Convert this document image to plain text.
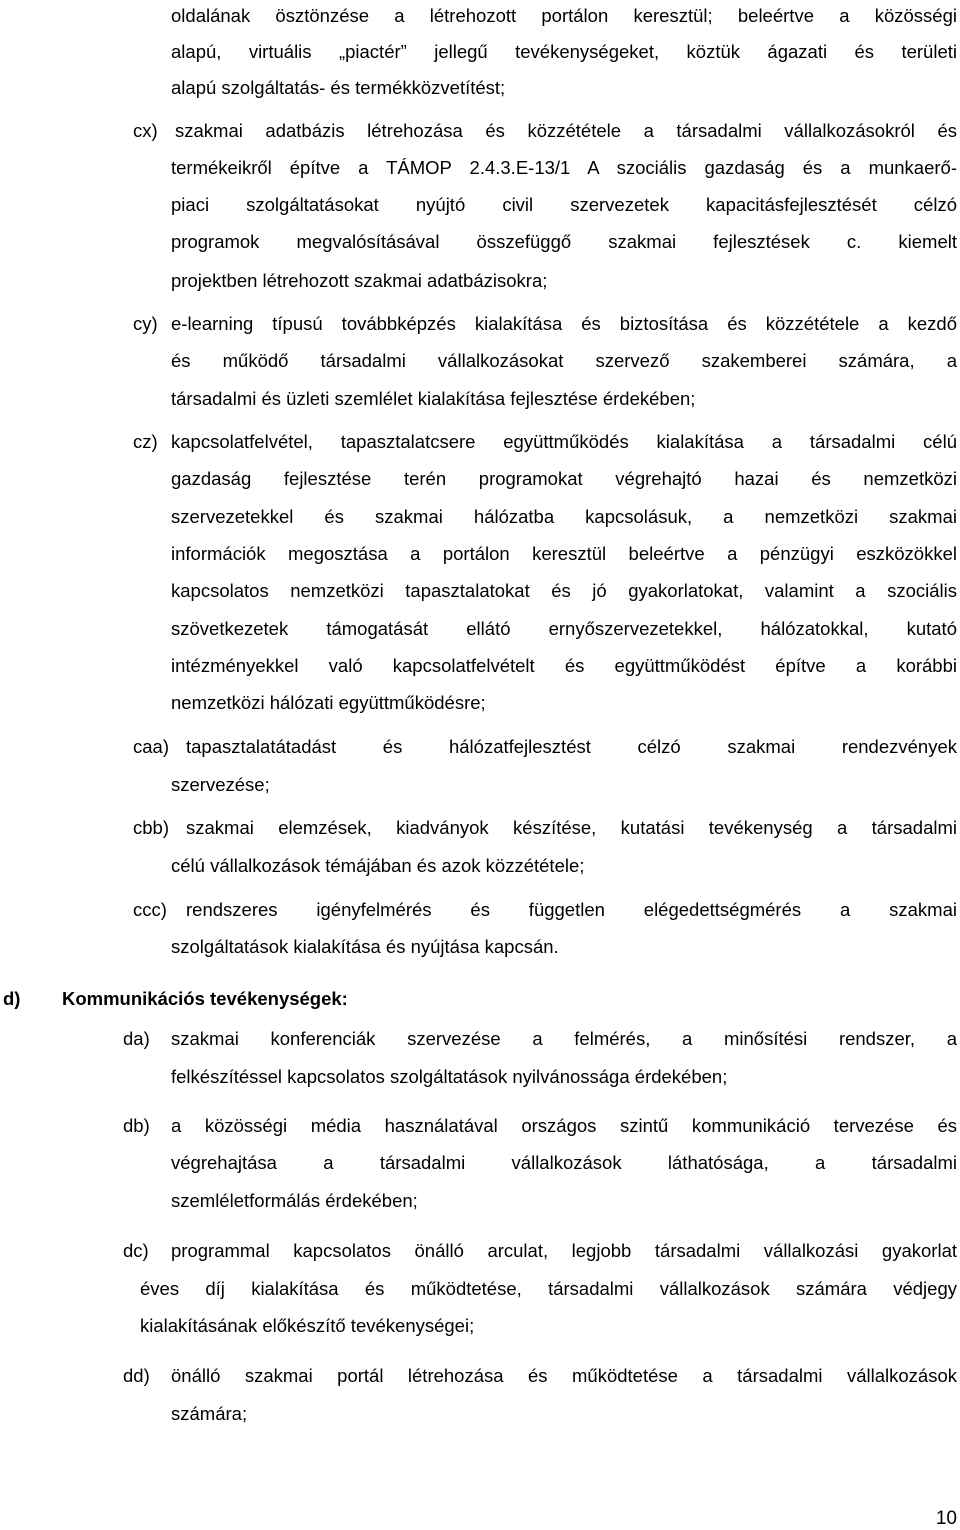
oldalának ösztönzése a létrehozott portálon keresztül; beleértve a közösségi
alapú, virtuális „piactér” jellegű tevékenységeket, köztük ágazati és területi
alapú szolgáltatás- és termékközvetítést;
cx) szakmai adatbázis létrehozása és közzététele a társadalmi vállalkozásokról és
termékeikről építve a TÁMOP 2.4.3.E-13/1 A szociális gazdaság és a munkaerő-
piaci szolgáltatásokat nyújtó civil szervezetek kapacitásfejlesztését célzó
programok megvalósításával összefüggő szakmai fejlesztések c. kiemelt
projektben létrehozott szakmai adatbázisokra;
cy) e-learning típusú továbbképzés kialakítása és biztosítása és közzététele a kezdő
és működő társadalmi vállalkozásokat szervező szakemberei számára, a
társadalmi és üzleti szemlélet kialakítása fejlesztése érdekében;
cz) kapcsolatfelvétel, tapasztalatcsere együttműködés kialakítása a társadalmi célú
gazdaság fejlesztése terén programokat végrehajtó hazai és nemzetközi
szervezetekkel és szakmai hálózatba kapcsolásuk, a nemzetközi szakmai
információk megosztása a portálon keresztül beleértve a pénzügyi eszközökkel
kapcsolatos nemzetközi tapasztalatokat és jó gyakorlatokat, valamint a szociális
szövetkezetek támogatását ellátó ernyőszervezetekkel, hálózatokkal, kutató
intézményekkel való kapcsolatfelvételt és együttműködést építve a korábbi
nemzetközi hálózati együttműködésre;
caa) tapasztalatátadást és hálózatfejlesztést célzó szakmai rendezvények
szervezése;
cbb) szakmai elemzések, kiadványok készítése, kutatási tevékenység a társadalmi
célú vállalkozások témájában és azok közzététele;
ccc) rendszeres igényfelmérés és független elégedettségmérés a szakmai
szolgáltatások kialakítása és nyújtása kapcsán.
d) Kommunikációs tevékenységek:
da) szakmai konferenciák szervezése a felmérés, a minősítési rendszer, a
felkészítéssel kapcsolatos szolgáltatások nyilvánossága érdekében;
db) a közösségi média használatával országos szintű kommunikáció tervezése és
végrehajtása a társadalmi vállalkozások láthatósága, a társadalmi
szemléletformálás érdekében;
dc) programmal kapcsolatos önálló arculat, legjobb társadalmi vállalkozási gyakorlat
éves díj kialakítása és működtetése, társadalmi vállalkozások számára védjegy
kialakításának előkészítő tevékenységei;
dd) önálló szakmai portál létrehozása és működtetése a társadalmi vállalkozások
számára;
10
